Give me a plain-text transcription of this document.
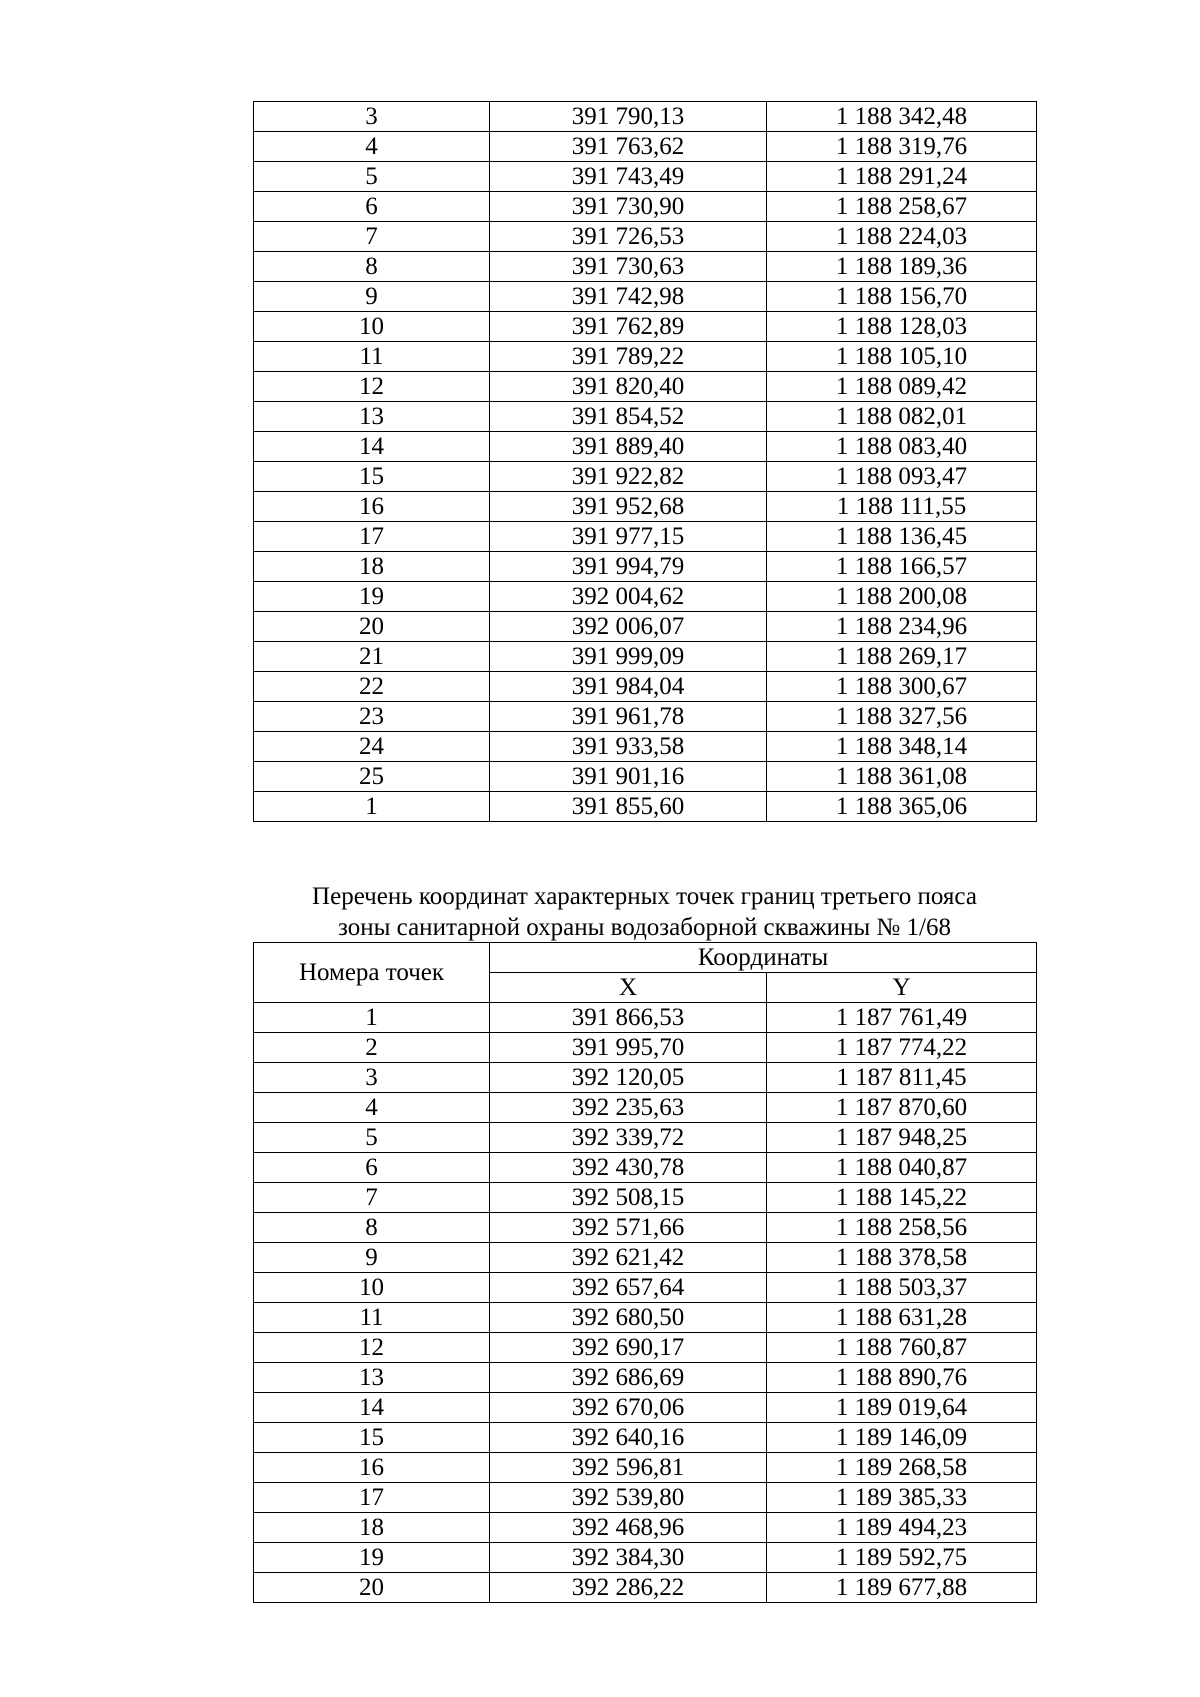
3	391 790,13	1 188 342,48
4	391 763,62	1 188 319,76
5	391 743,49	1 188 291,24
6	391 730,90	1 188 258,67
7	391 726,53	1 188 224,03
8	391 730,63	1 188 189,36
9	391 742,98	1 188 156,70
10	391 762,89	1 188 128,03
11	391 789,22	1 188 105,10
12	391 820,40	1 188 089,42
13	391 854,52	1 188 082,01
14	391 889,40	1 188 083,40
15	391 922,82	1 188 093,47
16	391 952,68	1 188 111,55
17	391 977,15	1 188 136,45
18	391 994,79	1 188 166,57
19	392 004,62	1 188 200,08
20	392 006,07	1 188 234,96
21	391 999,09	1 188 269,17
22	391 984,04	1 188 300,67
23	391 961,78	1 188 327,56
24	391 933,58	1 188 348,14
25	391 901,16	1 188 361,08
1	391 855,60	1 188 365,06
Перечень координат характерных точек границ третьего пояса
зоны санитарной охраны водозаборной скважины № 1/68
Номера точек	Координаты	
	X	Y
1	391 866,53	1 187 761,49
2	391 995,70	1 187 774,22
3	392 120,05	1 187 811,45
4	392 235,63	1 187 870,60
5	392 339,72	1 187 948,25
6	392 430,78	1 188 040,87
7	392 508,15	1 188 145,22
8	392 571,66	1 188 258,56
9	392 621,42	1 188 378,58
10	392 657,64	1 188 503,37
11	392 680,50	1 188 631,28
12	392 690,17	1 188 760,87
13	392 686,69	1 188 890,76
14	392 670,06	1 189 019,64
15	392 640,16	1 189 146,09
16	392 596,81	1 189 268,58
17	392 539,80	1 189 385,33
18	392 468,96	1 189 494,23
19	392 384,30	1 189 592,75
20	392 286,22	1 189 677,88
